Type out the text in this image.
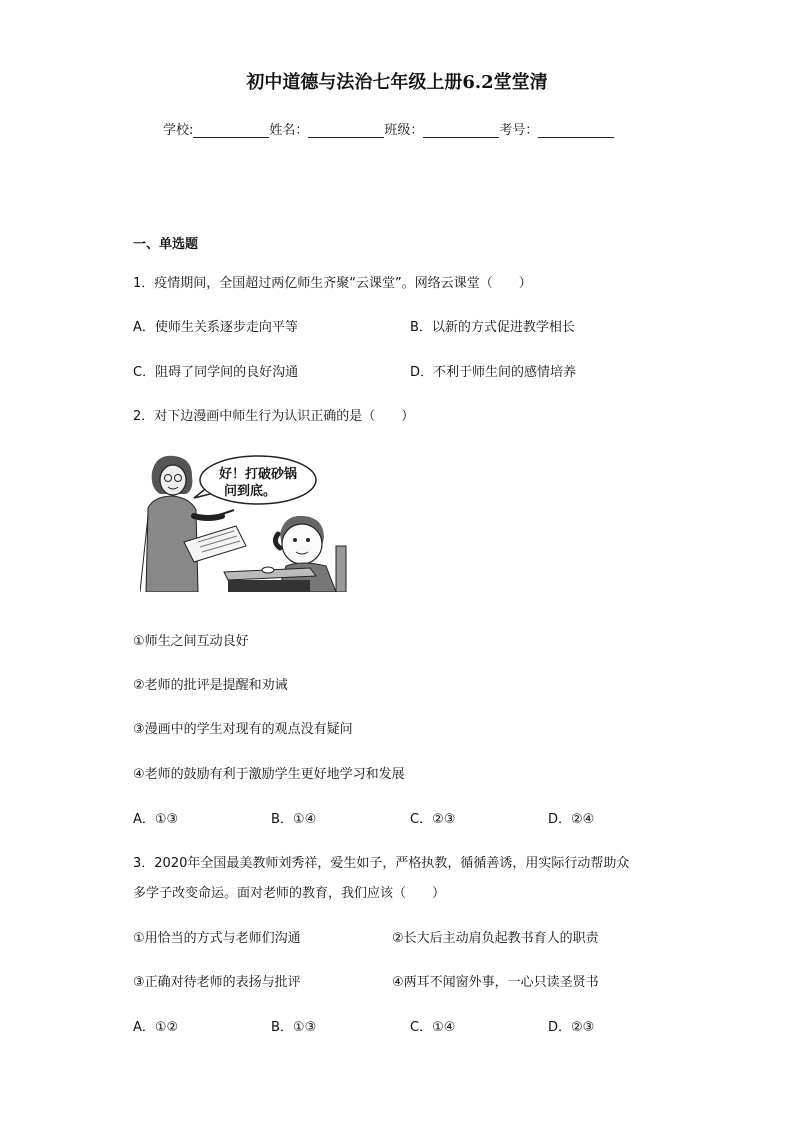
初中道德与法治七年级上册6.2堂堂清
学校:	姓名：	班级：	考号：
一、单选题
1．疫情期间，全国超过两亿师生齐聚“云课堂”。网络云课堂（　　）
A．使师生关系逐步走向平等	B．以新的方式促进教学相长
C．阻碍了同学间的良好沟通	D．不利于师生间的感情培养
2．对下边漫画中师生行为认识正确的是（　　）
好！打破砂锅
问到底。
①师生之间互动良好
②老师的批评是提醒和劝诫
③漫画中的学生对现有的观点没有疑问
④老师的鼓励有利于激励学生更好地学习和发展
A．①③	B．①④	C．②③	D．②④
3．2020年全国最美教师刘秀祥，爱生如子，严格执教，循循善诱，用实际行动帮助众
多学子改变命运。面对老师的教育，我们应该（　　）
①用恰当的方式与老师们沟通	②长大后主动肩负起教书育人的职责
③正确对待老师的表扬与批评	④两耳不闻窗外事，一心只读圣贤书
A．①②	B．①③	C．①④	D．②③
